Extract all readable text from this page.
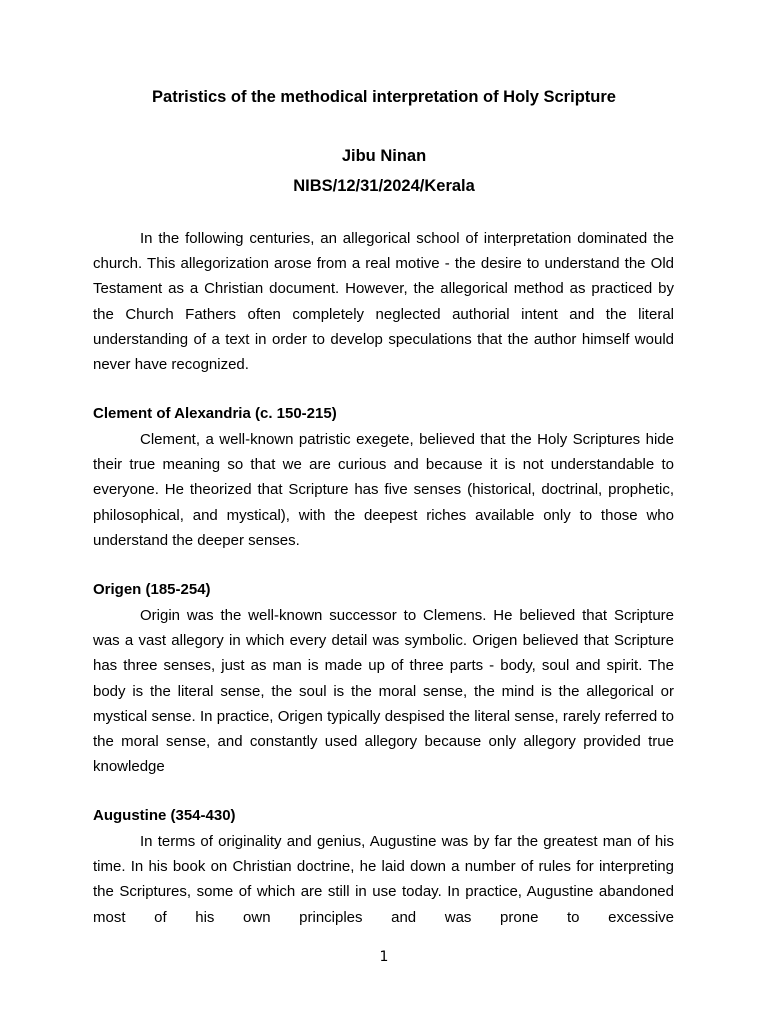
Patristics of the methodical interpretation of Holy Scripture
Jibu Ninan
NIBS/12/31/2024/Kerala

In the following centuries, an allegorical school of interpretation dominated the church. This allegorization arose from a real motive - the desire to understand the Old Testament as a Christian document. However, the allegorical method as practiced by the Church Fathers often completely neglected authorial intent and the literal understanding of a text in order to develop speculations that the author himself would never have recognized.

Clement of Alexandria (c. 150-215)

Clement, a well-known patristic exegete, believed that the Holy Scriptures hide their true meaning so that we are curious and because it is not understandable to everyone. He theorized that Scripture has five senses (historical, doctrinal, prophetic, philosophical, and mystical), with the deepest riches available only to those who understand the deeper senses.

Origen (185-254)

Origin was the well-known successor to Clemens. He believed that Scripture was a vast allegory in which every detail was symbolic. Origen believed that Scripture has three senses, just as man is made up of three parts - body, soul and spirit. The body is the literal sense, the soul is the moral sense, the mind is the allegorical or mystical sense. In practice, Origen typically despised the literal sense, rarely referred to the moral sense, and constantly used allegory because only allegory provided true knowledge

Augustine (354-430)

In terms of originality and genius, Augustine was by far the greatest man of his time. In his book on Christian doctrine, he laid down a number of rules for interpreting the Scriptures, some of which are still in use today. In practice, Augustine abandoned most of his own principles and was prone to excessive

1
